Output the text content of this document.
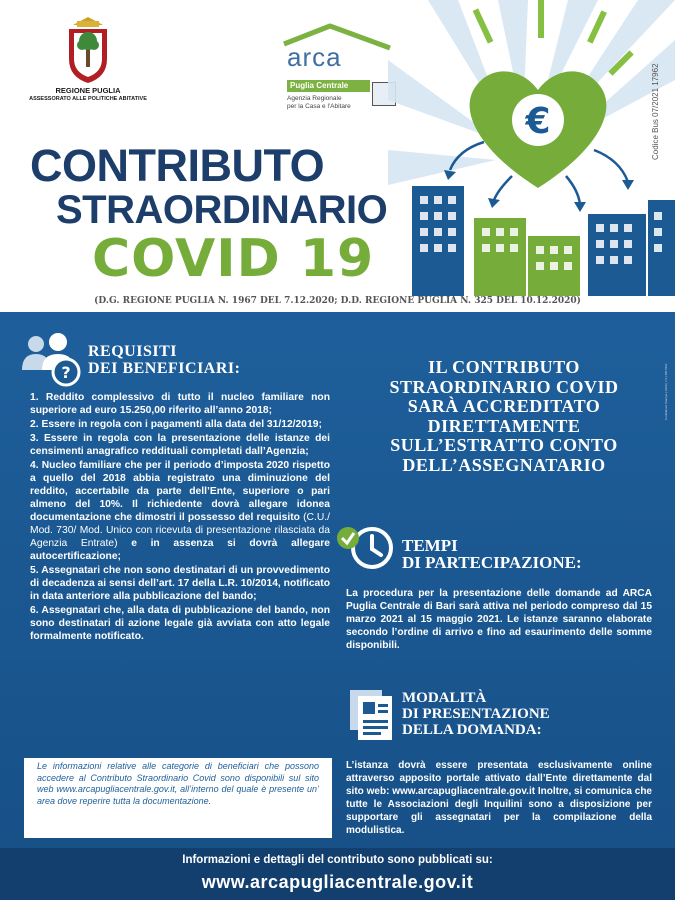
REGIONE PUGLIA
ASSESSORATO ALLE POLITICHE ABITATIVE
arca
Puglia Centrale
Agenzia Regionale
per la Casa e l'Abitare	€	Codice Bus 07/2021 17962
CONTRIBUTO
STRAORDINARIO
COVID 19
(D.G. REGIONE PUGLIA N. 1967 DEL 7.12.2020; D.D. REGIONE PUGLIA N. 325 DEL 10.12.2020)
Confidenza Stampa | A669 | 1 0 | 0017962
?
REQUISITI
DEI BENEFICIARI:

1. Reddito complessivo di tutto il nucleo familiare non superiore ad euro 15.250,00 riferito all’anno 2018;

2. Essere in regola con i pagamenti alla data del 31/12/2019;

3. Essere in regola con la presentazione delle istanze dei censimenti anagrafico reddituali completati dall’Agenzia;

4. Nucleo familiare che per il periodo d’imposta 2020 rispetto a quello del 2018 abbia registrato una diminuzione del reddito, accertabile da parte dell’Ente, superiore o pari almeno del 10%. Il richiedente dovrà allegare idonea documentazione che dimostri il possesso del requisito (C.U./ Mod. 730/ Mod. Unico con ricevuta di presentazione rilasciata da Agenzia Entrate) e in assenza si dovrà allegare autocertificazione;

5. Assegnatari che non sono destinatari di un provvedimento di decadenza ai sensi dell’art. 17 della L.R. 10/2014, notificato in data anteriore alla pubblicazione del bando;

6. Assegnatari che, alla data di pubblicazione del bando, non sono destinatari di azione legale già avviata con atto legale formalmente notificato.

Le informazioni relative alle categorie di beneficiari che possono accedere al Contributo Straordinario Covid sono disponibili sul sito web www.arcapugliacentrale.gov.it, all’interno del quale è presente un’ area dove reperire tutta la documentazione.
IL CONTRIBUTO
STRAORDINARIO COVID
SARÀ ACCREDITATO
DIRETTAMENTE
SULL’ESTRATTO CONTO
DELL’ASSEGNATARIO
TEMPI
DI PARTECIPAZIONE:
La procedura per la presentazione delle domande ad ARCA Puglia Centrale di Bari sarà attiva nel periodo compreso dal 15 marzo 2021 al 15 maggio 2021. Le istanze saranno elaborate secondo l’ordine di arrivo e fino ad esaurimento delle somme disponibili.
MODALITÀ
DI PRESENTAZIONE
DELLA DOMANDA:
L’istanza dovrà essere presentata esclusivamente online attraverso apposito portale attivato dall’Ente direttamente dal sito web: www.arcapugliacentrale.gov.it Inoltre, si comunica che tutte le Associazioni degli Inquilini sono a disposizione per supportare gli assegnatari per la compilazione della modulistica.
Informazioni e dettagli del contributo sono pubblicati su:
www.arcapugliacentrale.gov.it
